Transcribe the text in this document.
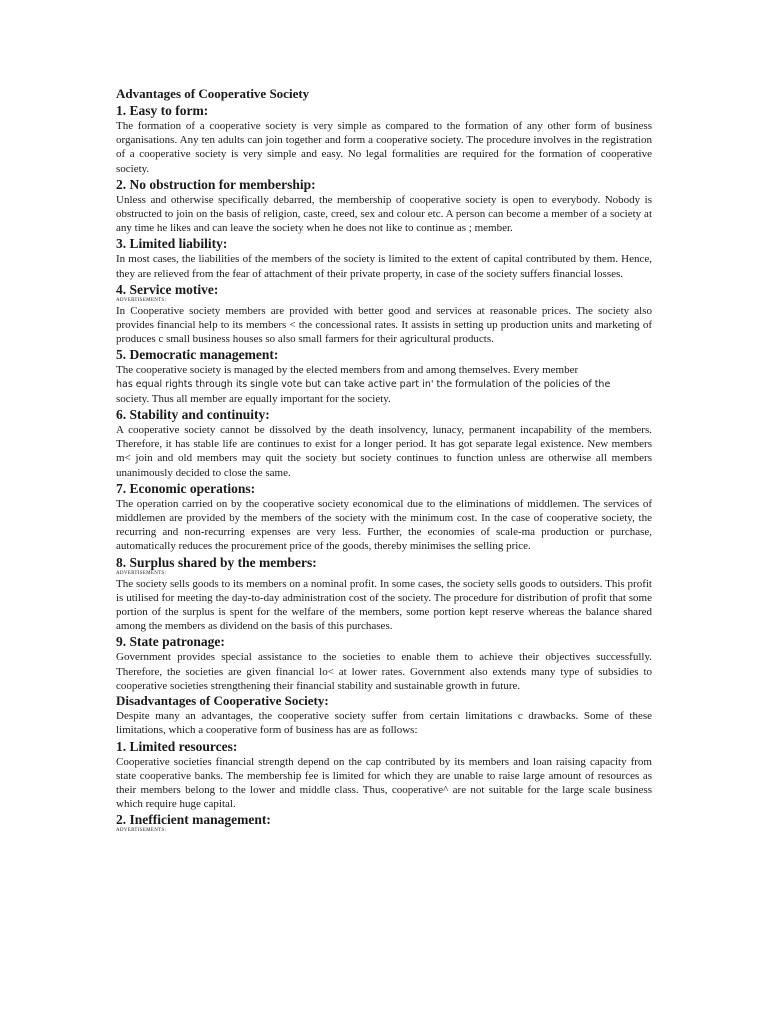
Advantages of Cooperative Society

1. Easy to form:

The formation of a cooperative society is very simple as compared to the formation of any other form of business organisations. Any ten adults can join together and form a cooperative society. The procedure involves in the registration of a cooperative society is very simple and easy. No legal formalities are required for the formation of cooperative society.

2. No obstruction for membership:

Unless and otherwise specifically debarred, the membership of cooperative society is open to everybody. Nobody is obstructed to join on the basis of religion, caste, creed, sex and colour etc. A person can become a member of a society at any time he likes and can leave the society when he does not like to continue as ; member.

3. Limited liability:

In most cases, the liabilities of the members of the society is limited to the extent of capital contributed by them. Hence, they are relieved from the fear of attachment of their private property, in case of the society suffers financial losses.

4. Service motive:

ADVERTISEMENTS:

In Cooperative society members are provided with better good and services at reasonable prices. The society also provides financial help to its members < the concessional rates. It assists in setting up production units and marketing of produces c small business houses so also small farmers for their agricultural products.

5. Democratic management:

The cooperative society is managed by the elected members from and among themselves. Every member

has equal rights through its single vote but can take active part in' the formulation of the policies of the

society. Thus all member are equally important for the society.

6. Stability and continuity:

A cooperative society cannot be dissolved by the death insolvency, lunacy, permanent incapability of the members. Therefore, it has stable life are continues to exist for a longer period. It has got separate legal existence. New members m< join and old members may quit the society but society continues to function unless are otherwise all members unanimously decided to close the same.

7. Economic operations:

The operation carried on by the cooperative society economical due to the eliminations of middlemen. The services of middlemen are provided by the members of the society with the minimum cost. In the case of cooperative society, the recurring and non-recurring expenses are very less. Further, the economies of scale-ma production or purchase, automatically reduces the procurement price of the goods, thereby minimises the selling price.

8. Surplus shared by the members:

ADVERTISEMENTS:

The society sells goods to its members on a nominal profit. In some cases, the society sells goods to outsiders. This profit is utilised for meeting the day-to-day administration cost of the society. The procedure for distribution of profit that some portion of the surplus is spent for the welfare of the members, some portion kept reserve whereas the balance shared among the members as dividend on the basis of this purchases.

9. State patronage:

Government provides special assistance to the societies to enable them to achieve their objectives successfully. Therefore, the societies are given financial lo< at lower rates. Government also extends many type of subsidies to cooperative societies strengthening their financial stability and sustainable growth in future.

Disadvantages of Cooperative Society:

Despite many an advantages, the cooperative society suffer from certain limitations c drawbacks. Some of these limitations, which a cooperative form of business has are as follows:

1. Limited resources:

Cooperative societies financial strength depend on the cap contributed by its members and loan raising capacity from state cooperative banks. The membership fee is limited for which they are unable to raise large amount of resources as their members belong to the lower and middle class. Thus, cooperative^ are not suitable for the large scale business which require huge capital.

2. Inefficient management:

ADVERTISEMENTS:
